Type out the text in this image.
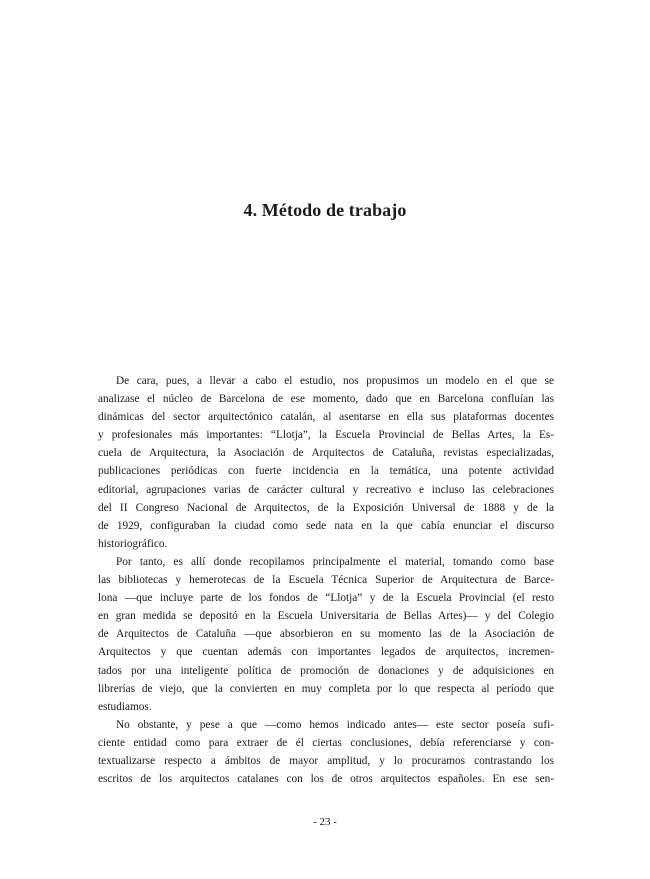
4. Método de trabajo

De cara, pues, a llevar a cabo el estudio, nos propusimos un modelo en el que se
analizase el núcleo de Barcelona de ese momento, dado que en Barcelona confluían las
dinámicas del sector arquitectónico catalán, al asentarse en ella sus plataformas docentes
y profesionales más importantes: “Llotja”, la Escuela Provincial de Bellas Artes, la Es-
cuela de Arquitectura, la Asociación de Arquitectos de Cataluña, revistas especializadas,
publicaciones periódicas con fuerte incidencia en la temática, una potente actividad
editorial, agrupaciones varias de carácter cultural y recreativo e incluso las celebraciones
del II Congreso Nacional de Arquitectos, de la Exposición Universal de 1888 y de la
de 1929, configuraban la ciudad como sede nata en la que cabía enunciar el discurso
historiográfico.

Por tanto, es allí donde recopilamos principalmente el material, tomando como base
las bibliotecas y hemerotecas de la Escuela Técnica Superior de Arquitectura de Barce-
lona —que incluye parte de los fondos de “Llotja” y de la Escuela Provincial (el resto
en gran medida se depositó en la Escuela Universitaria de Bellas Artes)— y del Colegio
de Arquitectos de Cataluña —que absorbieron en su momento las de la Asociación de
Arquitectos y que cuentan además con importantes legados de arquitectos, incremen-
tados por una inteligente política de promoción de donaciones y de adquisiciones en
librerías de viejo, que la convierten en muy completa por lo que respecta al período que
estudiamos.

No obstante, y pese a que —como hemos indicado antes— este sector poseía sufi-
ciente entidad como para extraer de él ciertas conclusiones, debía referenciarse y con-
textualizarse respecto a ámbitos de mayor amplitud, y lo procuramos contrastando los
escritos de los arquitectos catalanes con los de otros arquitectos españoles. En ese sen-

- 23 -
